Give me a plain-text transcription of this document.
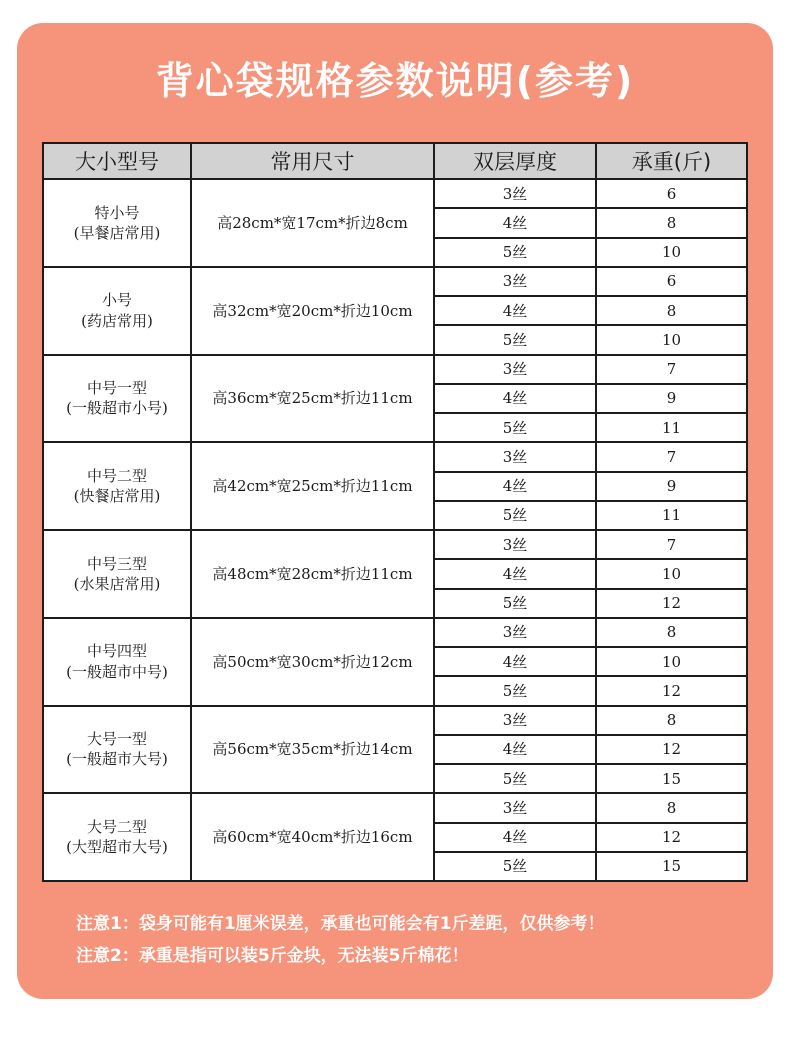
背心袋规格参数说明(参考)
大小型号	常用尺寸	双层厚度	承重(斤)

特小号
(早餐店常用)	高28cm*宽17cm*折边8cm	3丝	6
		4丝	8
		5丝	10

小号
(药店常用)	高32cm*宽20cm*折边10cm	3丝	6
		4丝	8
		5丝	10

中号一型
(一般超市小号)	高36cm*宽25cm*折边11cm	3丝	7
		4丝	9
		5丝	11

中号二型
(快餐店常用)	高42cm*宽25cm*折边11cm	3丝	7
		4丝	9
		5丝	11

中号三型
(水果店常用)	高48cm*宽28cm*折边11cm	3丝	7
		4丝	10
		5丝	12

中号四型
(一般超市中号)	高50cm*宽30cm*折边12cm	3丝	8
		4丝	10
		5丝	12

大号一型
(一般超市大号)	高56cm*宽35cm*折边14cm	3丝	8
		4丝	12
		5丝	15

大号二型
(大型超市大号)	高60cm*宽40cm*折边16cm	3丝	8
		4丝	12
		5丝	15
注意1：袋身可能有1厘米误差，承重也可能会有1斤差距，仅供参考！
注意2：承重是指可以装5斤金块，无法装5斤棉花！
